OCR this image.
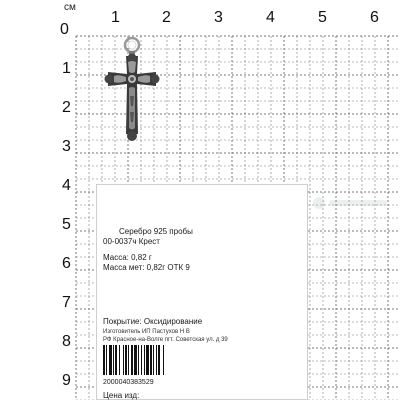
см
0
1	2	3	4	5	6
1
2
3
4
5
6
7
8
9
Серебро 925 пробы
00-0037ч Крест
Масса: 0,82 г
Масса мет: 0,82г ОТК 9
Покрытие: Оксидирование
Изготовитель ИП Пастухов Н В
РФ Красное-на-Волге пгт. Советская ул. д 39
2000040383529
Цена изд:
